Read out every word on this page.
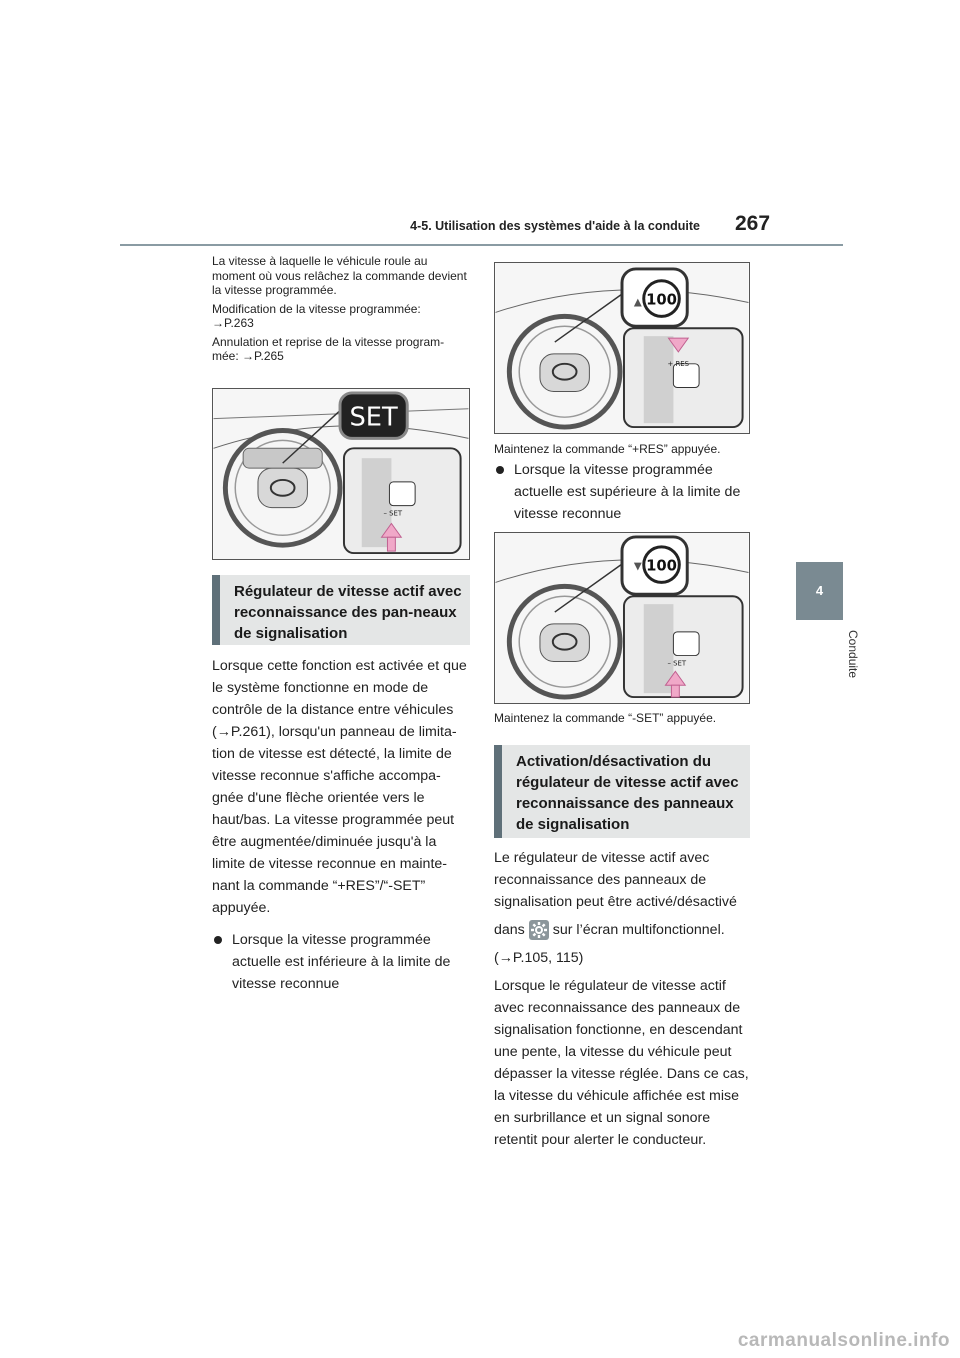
4-5. Utilisation des systèmes d'aide à la conduite 267
4
Conduite

La vitesse à laquelle le véhicule roule au moment où vous relâchez la commande devient la vitesse programmée.

Modification de la vitesse programmée:
→P.263

Annulation et reprise de la vitesse program-mée: →P.265

SET
– SET

Régulateur de vitesse actif avec reconnaissance des pan-neaux de signalisation

Lorsque cette fonction est activée et que le système fonctionne en mode de contrôle de la distance entre véhicules (→P.261), lorsqu'un panneau de limita-tion de vitesse est détecté, la limite de vitesse reconnue s'affiche accompa-gnée d'une flèche orientée vers le haut/bas. La vitesse programmée peut être augmentée/diminuée jusqu'à la limite de vitesse reconnue en mainte-nant la commande “+RES”/“-SET” appuyée.

Lorsque la vitesse programmée actuelle est inférieure à la limite de vitesse reconnue

100
+ RES

Maintenez la commande “+RES” appuyée.

Lorsque la vitesse programmée actuelle est supérieure à la limite de vitesse reconnue

100
– SET

Maintenez la commande “-SET” appuyée.

Activation/désactivation du régulateur de vitesse actif avec reconnaissance des panneaux de signalisation

Le régulateur de vitesse actif avec reconnaissance des panneaux de signalisation peut être activé/désactivé

dans sur l’écran multifonctionnel.

(→P.105, 115)

Lorsque le régulateur de vitesse actif avec reconnaissance des panneaux de signalisation fonctionne, en descendant une pente, la vitesse du véhicule peut dépasser la vitesse réglée. Dans ce cas, la vitesse du véhicule affichée est mise en surbrillance et un signal sonore retentit pour alerter le conducteur.

carmanualsonline.info
